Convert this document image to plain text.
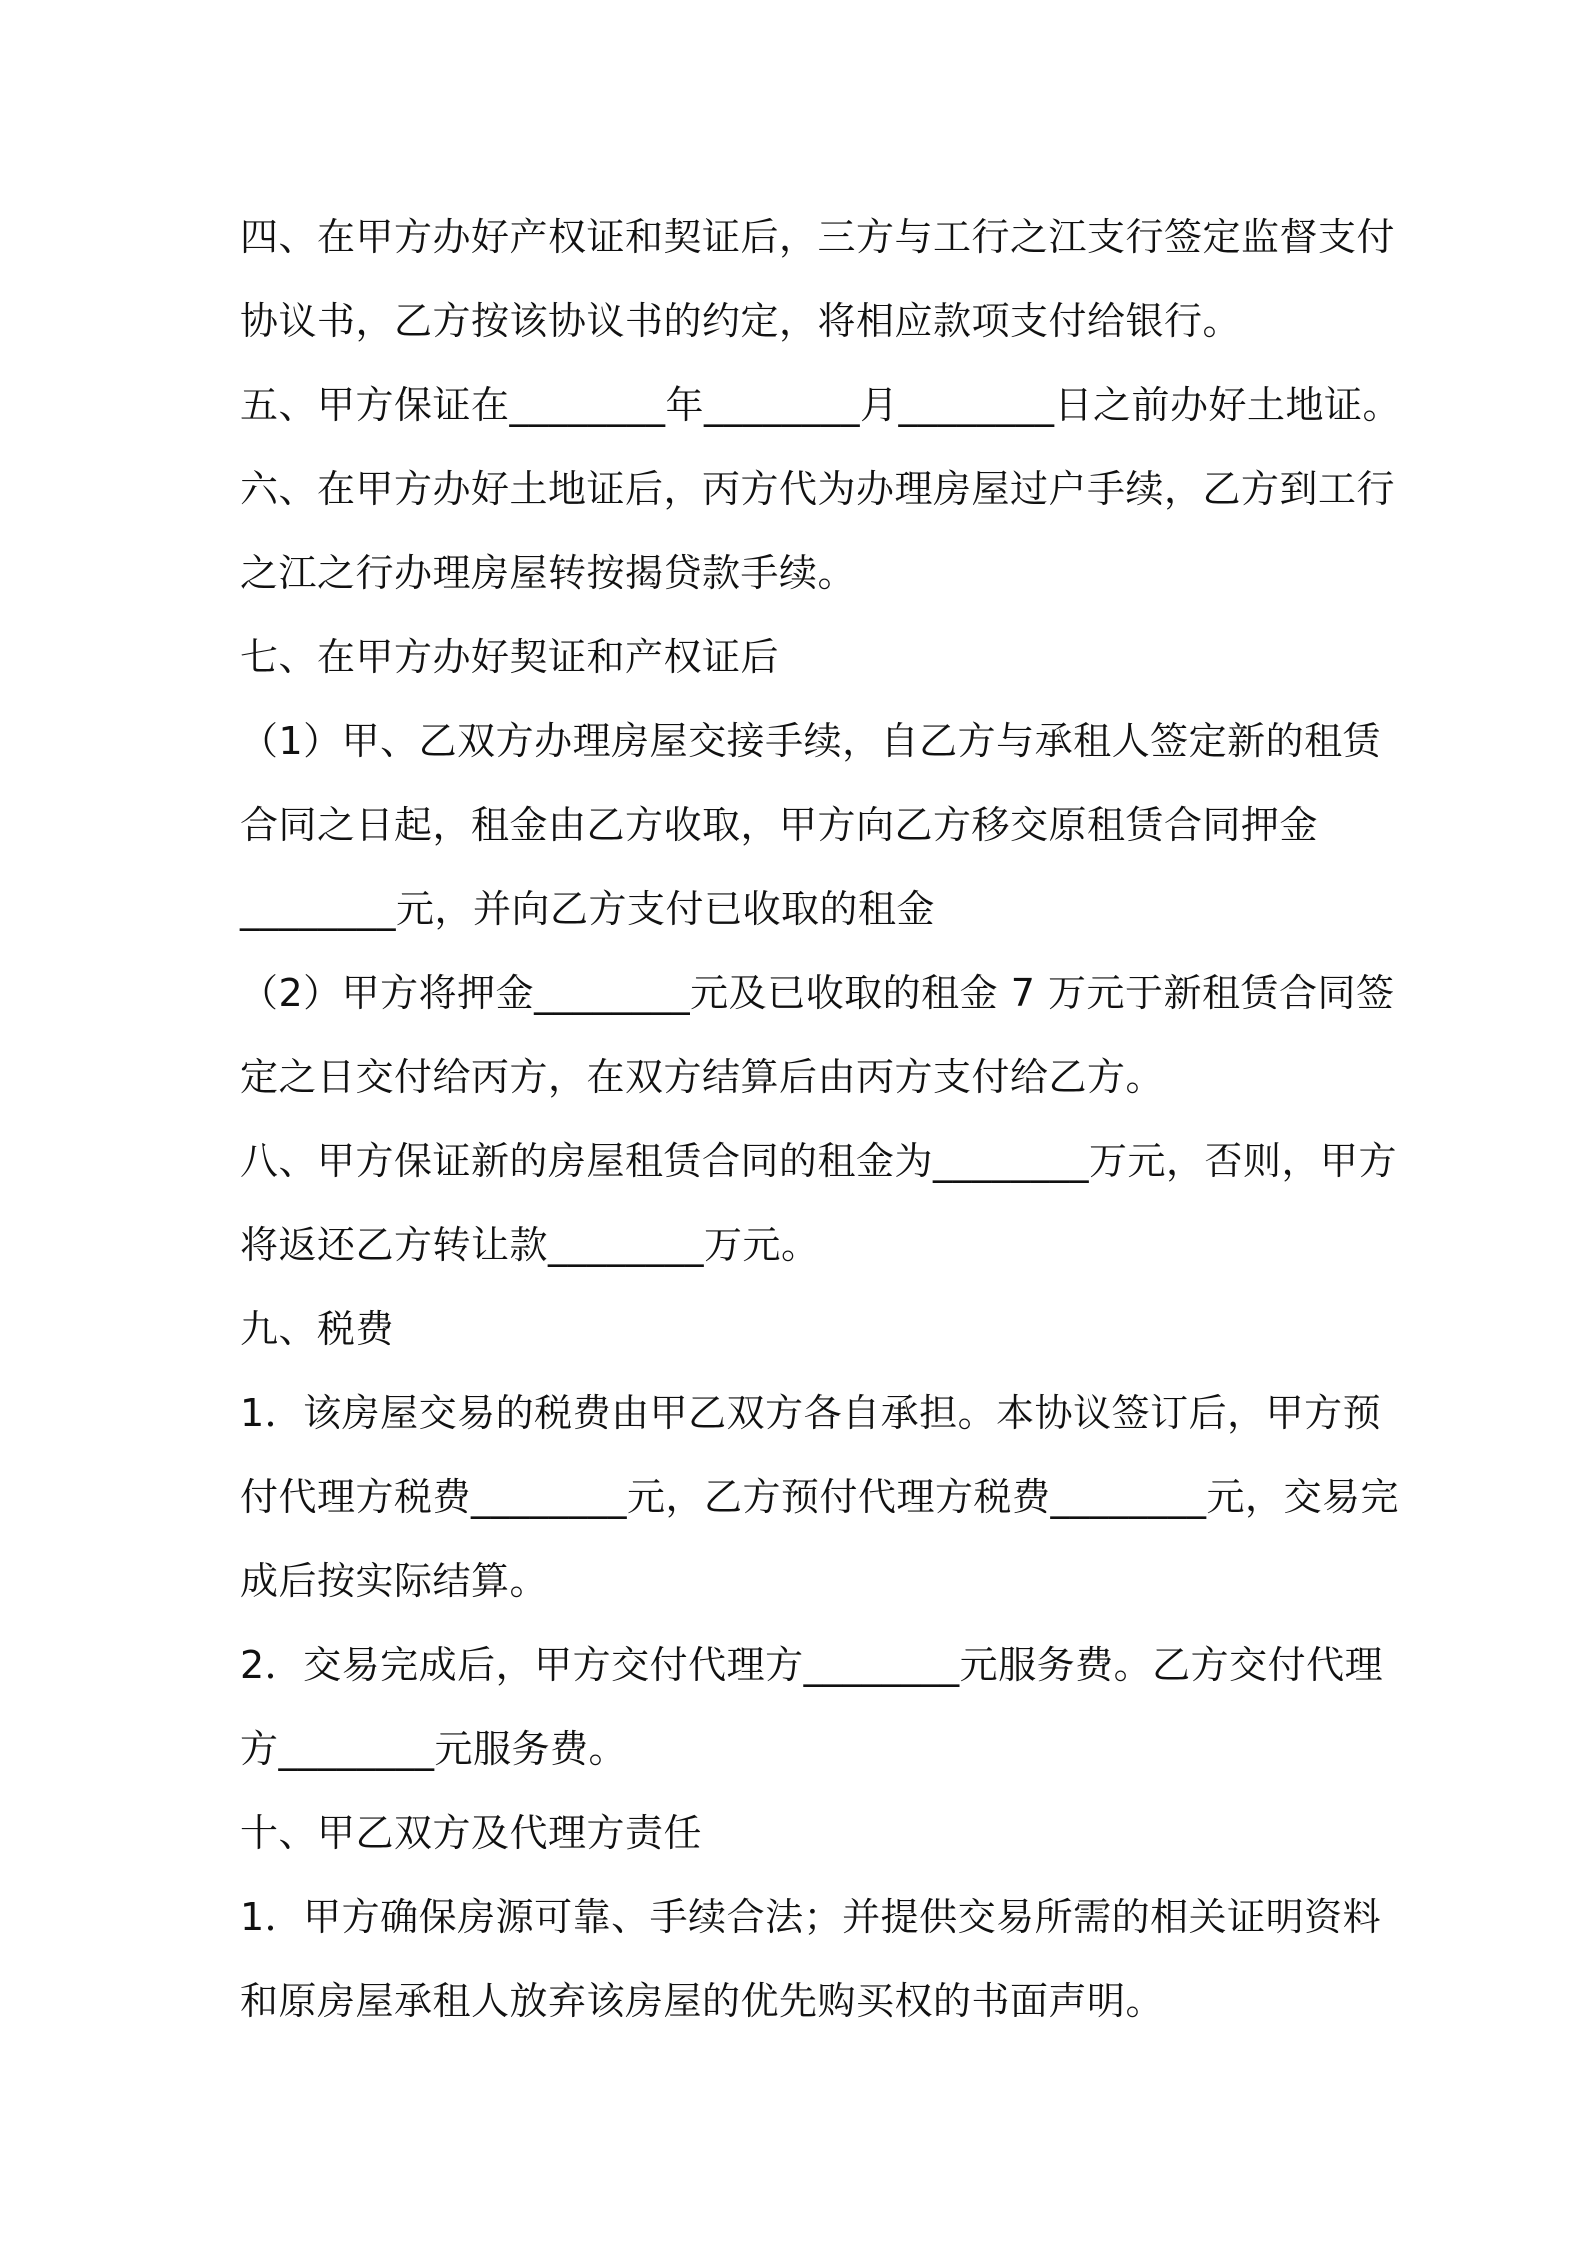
四、在甲方办好产权证和契证后，三方与工行之江支行签定监督支付
协议书，乙方按该协议书的约定，将相应款项支付给银行。
五、甲方保证在________年________月________日之前办好土地证。
六、在甲方办好土地证后，丙方代为办理房屋过户手续，乙方到工行
之江之行办理房屋转按揭贷款手续。
七、在甲方办好契证和产权证后
（1）甲、乙双方办理房屋交接手续，自乙方与承租人签定新的租赁
合同之日起，租金由乙方收取，甲方向乙方移交原租赁合同押金
________元，并向乙方支付已收取的租金
（2）甲方将押金________元及已收取的租金 7 万元于新租赁合同签
定之日交付给丙方，在双方结算后由丙方支付给乙方。
八、甲方保证新的房屋租赁合同的租金为________万元，否则，甲方
将返还乙方转让款________万元。
九、税费
1．该房屋交易的税费由甲乙双方各自承担。本协议签订后，甲方预
付代理方税费________元，乙方预付代理方税费________元，交易完
成后按实际结算。
2．交易完成后，甲方交付代理方________元服务费。乙方交付代理
方________元服务费。
十、甲乙双方及代理方责任
1．甲方确保房源可靠、手续合法；并提供交易所需的相关证明资料
和原房屋承租人放弃该房屋的优先购买权的书面声明。
